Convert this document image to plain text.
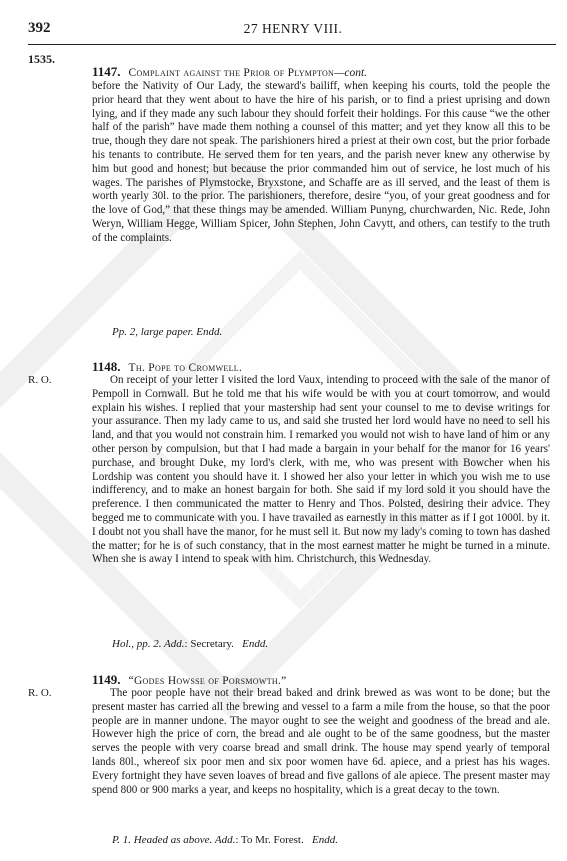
392	27 HENRY VIII.
1535.
1147. Complaint against the Prior of Plympton—cont.

before the Nativity of Our Lady, the steward's bailiff, when keeping his courts, told the people the prior heard that they went about to have the hire of his parish, or to find a priest uprising and down lying, and if they made any such labour they should forfeit their holdings. For this cause “we the other half of the parish” have made them nothing a counsel of this matter; and yet they know all this to be true, though they dare not speak. The parishioners hired a priest at their own cost, but the prior forbade his tenants to contribute. He served them for ten years, and the parish never knew any otherwise by him but good and honest; but because the prior commanded him out of service, he lost much of his wages. The parishes of Plymstocke, Bryxstone, and Schaffe are as ill served, and the least of them is worth yearly 30l. to the prior. The parishioners, therefore, desire “you, of your great goodness and for the love of God,” that these things may be amended. William Punyng, churchwarden, Nic. Rede, John Weryn, William Hegge, William Spicer, John Stephen, John Cavytt, and others, can testify to the truth of the complaints.

Pp. 2, large paper. Endd.
1148. Th. Pope to Cromwell.
R. O.	On receipt of your letter I visited the lord Vaux, intending to proceed with the sale of the manor of Pempoll in Cornwall. But he told me that his wife would be with you at court tomorrow, and would explain his wishes. I replied that your mastership had sent your counsel to me to devise writings for your assurance. Then my lady came to us, and said she trusted her lord would have no need to sell his land, and that you would not constrain him. I remarked you would not wish to have land of him or any other person by compulsion, but that I had made a bargain in your behalf for the manor for 16 years' purchase, and brought Duke, my lord's clerk, with me, who was present with Bowcher when his Lordship was content you should have it. I showed her also your letter in which you wish me to use indifferency, and to make an honest bargain for both. She said if my lord sold it you should have the preference. I then communicated the matter to Henry and Thos. Polsted, desiring their advice. They begged me to communicate with you. I have travailed as earnestly in this matter as if I got 1000l. by it. I doubt not you shall have the manor, for he must sell it. But now my lady's coming to town has dashed the matter; for he is of such constancy, that in the most earnest matter he might be turned in a minute. When she is away I intend to speak with him. Christchurch, this Wednesday.

Hol., pp. 2. Add.: Secretary. Endd.
1149. “Godes Howsse of Porsmowth.”
R. O.	The poor people have not their bread baked and drink brewed as was wont to be done; but the present master has carried all the brewing and vessel to a farm a mile from the house, so that the poor people are in manner undone. The mayor ought to see the weight and goodness of the bread and ale. However high the price of corn, the bread and ale ought to be of the same goodness, but the master serves the people with very coarse bread and small drink. The house may spend yearly of temporal lands 80l., whereof six poor men and six poor women have 6d. apiece, and a priest has his wages. Every fortnight they have seven loaves of bread and five gallons of ale apiece. The present master may spend 800 or 900 marks a year, and keeps no hospitality, which is a great decay to the town.

P. 1. Headed as above. Add.: To Mr. Forest. Endd.
